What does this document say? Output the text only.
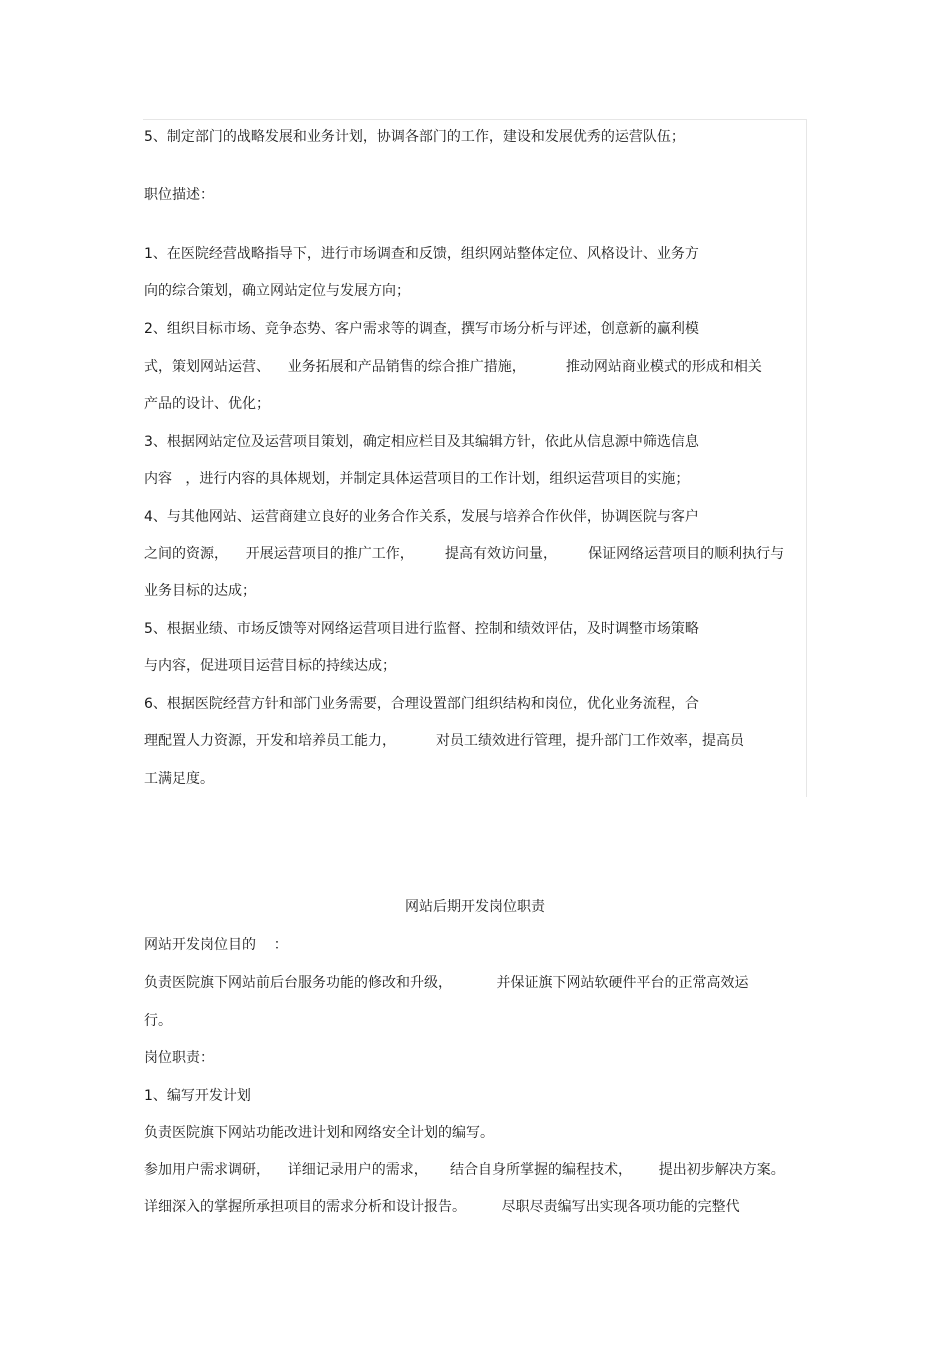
5、制定部门的战略发展和业务计划，协调各部门的工作，建设和发展优秀的运营队伍；

职位描述：

1、在医院经营战略指导下，进行市场调查和反馈，组织网站整体定位、风格设计、业务方

向的综合策划，确立网站定位与发展方向；

2、组织目标市场、竞争态势、客户需求等的调查，撰写市场分析与评述，创意新的赢利模

式，策划网站运营、    业务拓展和产品销售的综合推广措施，         推动网站商业模式的形成和相关

产品的设计、优化；

3、根据网站定位及运营项目策划，确定相应栏目及其编辑方针，依此从信息源中筛选信息

内容   ，进行内容的具体规划，并制定具体运营项目的工作计划，组织运营项目的实施；

4、与其他网站、运营商建立良好的业务合作关系，发展与培养合作伙伴，协调医院与客户

之间的资源，    开展运营项目的推广工作，       提高有效访问量，       保证网络运营项目的顺利执行与

业务目标的达成；

5、根据业绩、市场反馈等对网络运营项目进行监督、控制和绩效评估，及时调整市场策略

与内容，促进项目运营目标的持续达成；

6、根据医院经营方针和部门业务需要，合理设置部门组织结构和岗位，优化业务流程，合

理配置人力资源，开发和培养员工能力，         对员工绩效进行管理，提升部门工作效率，提高员

工满足度。

网站后期开发岗位职责

网站开发岗位目的    ：

负责医院旗下网站前后台服务功能的修改和升级，          并保证旗下网站软硬件平台的正常高效运

行。

岗位职责：

1、编写开发计划

负责医院旗下网站功能改进计划和网络安全计划的编写。

参加用户需求调研，    详细记录用户的需求，     结合自身所掌握的编程技术，      提出初步解决方案。

详细深入的掌握所承担项目的需求分析和设计报告。        尽职尽责编写出实现各项功能的完整代
